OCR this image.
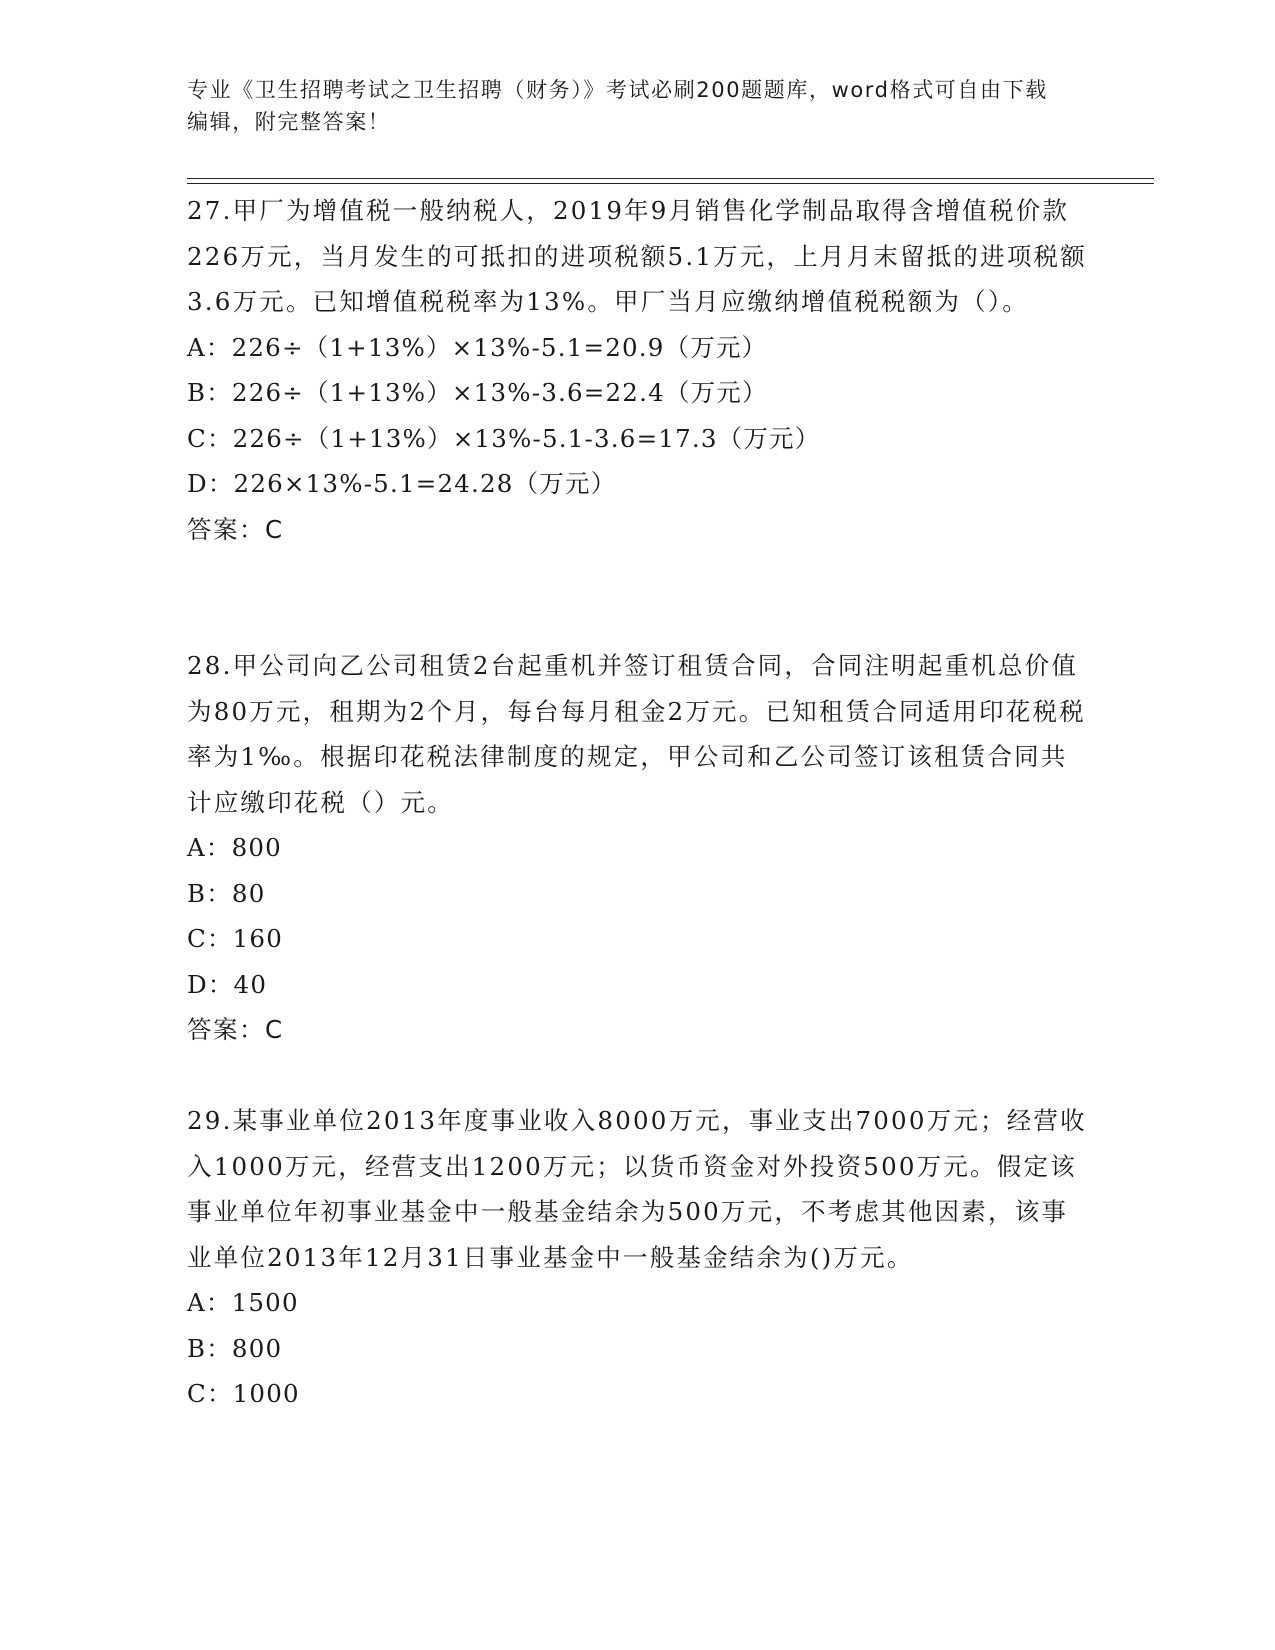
专业《卫生招聘考试之卫生招聘（财务）》考试必刷200题题库，word格式可自由下载编辑，附完整答案！

27.甲厂为增值税一般纳税人，2019年9月销售化学制品取得含增值税价款226万元，当月发生的可抵扣的进项税额5.1万元，上月月末留抵的进项税额3.6万元。已知增值税税率为13%。甲厂当月应缴纳增值税税额为（）。

A：226÷（1+13%）×13%-5.1=20.9（万元）

B：226÷（1+13%）×13%-3.6=22.4（万元）

C：226÷（1+13%）×13%-5.1-3.6=17.3（万元）

D：226×13%-5.1=24.28（万元）

答案：C

28.甲公司向乙公司租赁2台起重机并签订租赁合同，合同注明起重机总价值为80万元，租期为2个月，每台每月租金2万元。已知租赁合同适用印花税税率为1‰。根据印花税法律制度的规定，甲公司和乙公司签订该租赁合同共计应缴印花税（）元。

A：800

B：80

C：160

D：40

答案：C

29.某事业单位2013年度事业收入8000万元，事业支出7000万元；经营收入1000万元，经营支出1200万元；以货币资金对外投资500万元。假定该事业单位年初事业基金中一般基金结余为500万元，不考虑其他因素，该事业单位2013年12月31日事业基金中一般基金结余为()万元。

A：1500

B：800

C：1000
